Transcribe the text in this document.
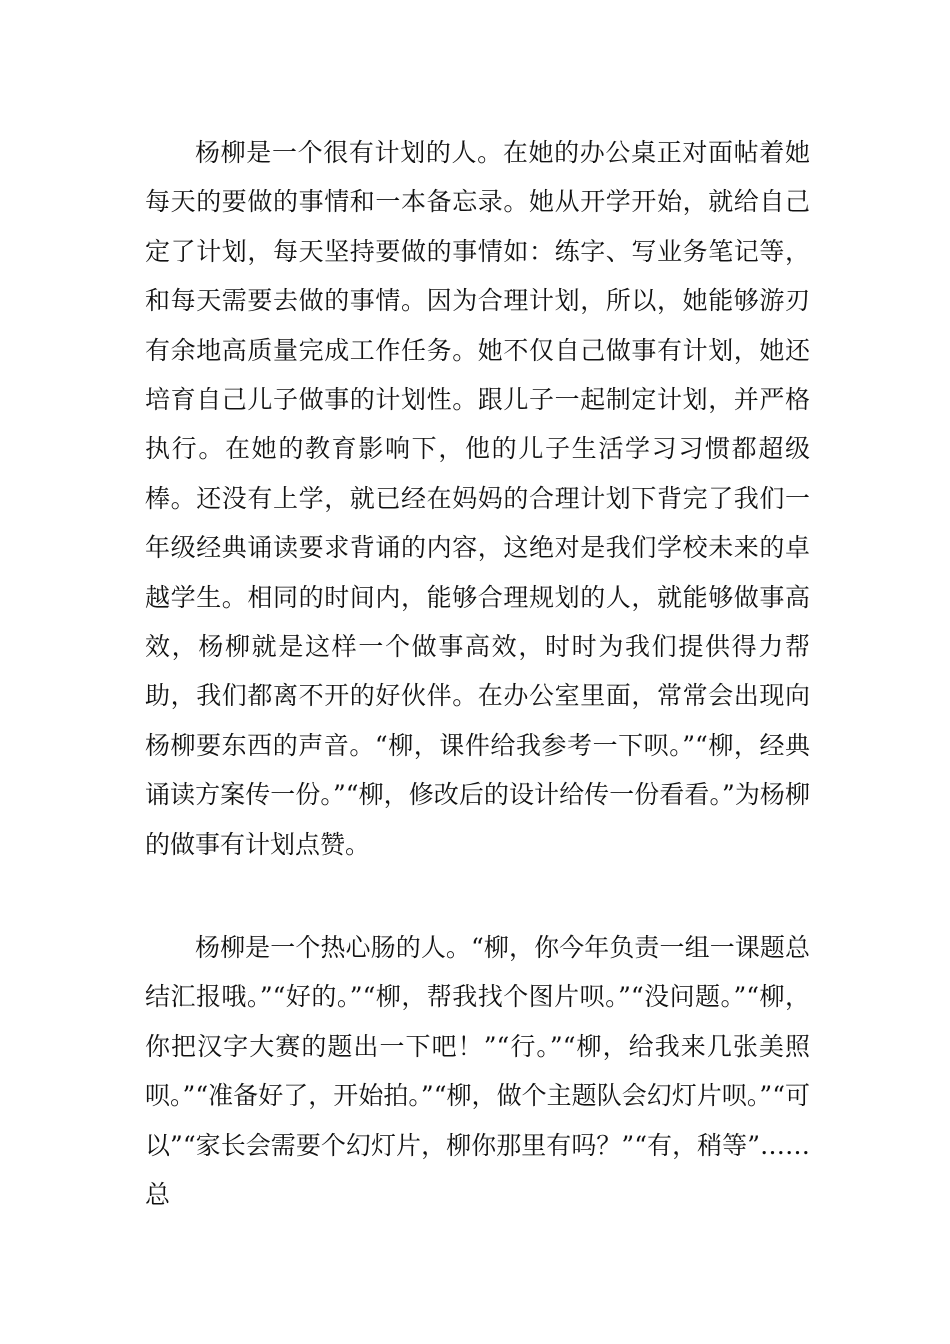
杨柳是一个很有计划的人。在她的办公桌正对面帖着她每天的要做的事情和一本备忘录。她从开学开始，就给自己定了计划，每天坚持要做的事情如：练字、写业务笔记等，和每天需要去做的事情。因为合理计划，所以，她能够游刃有余地高质量完成工作任务。她不仅自己做事有计划，她还培育自己儿子做事的计划性。跟儿子一起制定计划，并严格执行。在她的教育影响下，他的儿子生活学习习惯都超级棒。还没有上学，就已经在妈妈的合理计划下背完了我们一年级经典诵读要求背诵的内容，这绝对是我们学校未来的卓越学生。相同的时间内，能够合理规划的人，就能够做事高效，杨柳就是这样一个做事高效，时时为我们提供得力帮助，我们都离不开的好伙伴。在办公室里面，常常会出现向杨柳要东西的声音。“柳，课件给我参考一下呗。”“柳，经典诵读方案传一份。”“柳，修改后的设计给传一份看看。”为杨柳的做事有计划点赞。

杨柳是一个热心肠的人。“柳，你今年负责一组一课题总结汇报哦。”“好的。”“柳，帮我找个图片呗。”“没问题。”“柳，你把汉字大赛的题出一下吧！”“行。”“柳，给我来几张美照 呗。”“准备好了，开始拍。”“柳，做个主题队会幻灯片呗。”“可以”“家长会需要个幻灯片，柳你那里有吗？”“有，稍等”……总
